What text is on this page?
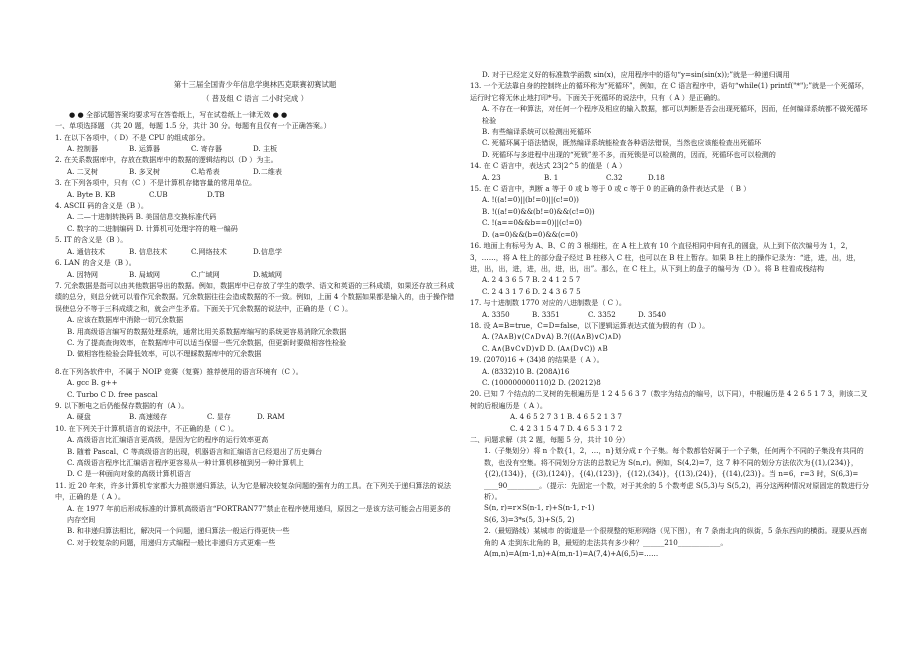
第十三届全国青少年信息学奥林匹克联赛初赛试题
（ 普及组 C 语言 二小时完成 ）
● ● 全部试题答案均要求写在答卷纸上，写在试卷纸上一律无效 ● ●
一、单项选择题 （共 20 题，每题 1.5 分，共计 30 分。每题有且仅有一个正确答案。）
1. 在以下各项中，（ D）不是 CPU 的组成部分。
A. 控制器	B. 运算器	C. 寄存器	D. 主板
2. 在关系数据库中，存放在数据库中的数据的逻辑结构以（D ）为主。
A. 二叉树	B. 多叉树	C.哈希表	D.二维表
3. 在下列各项中，只有（C ）不是计算机存储容量的常用单位。
A. Byte B. KB	C.UB	D.TB
4. ASCII 码的含义是（B ）。
A. 二—十进制转换码 B. 美国信息交换标准代码
C. 数字的二进制编码 D. 计算机可处理字符的唯一编码
5. IT 的含义是（B ）。
A. 通信技术	B. 信息技术	C.网络技术	D.信息学
6. LAN 的含义是（B ）。
A. 因特网	B. 局域网	C.广域网	D.城域网
7. 冗余数据是指可以由其他数据导出的数据。例如，数据库中已存放了学生的数学、语文和英语的三科成绩，如果还存放三科成绩的总分，则总分就可以看作冗余数据。冗余数据往往会造成数据的不一致。例如，上面 4 个数据如果都是输入的，由于操作错误使总分不等于三科成绩之和，就会产生矛盾。下面关于冗余数据的说法中，正确的是（ C ）。
A. 应该在数据库中消除一切冗余数据
B. 用高级语言编写的数据处理系统，通常比用关系数据库编写的系统更容易消除冗余数据
C. 为了提高查询效率，在数据库中可以适当保留一些冗余数据，但更新时要做相容性检验
D. 做相容性检验会降低效率，可以不理睬数据库中的冗余数据
8.在下列各软件中，不属于 NOIP 竞赛（复赛）推荐使用的语言环境有（C ）。
A. gcc B. g++
C. Turbo C D. free pascal
9. 以下断电之后仍能保存数据的有（A ）。
A. 硬盘	B. 高速缓存	C. 显存	D. RAM
10. 在下列关于计算机语言的说法中，不正确的是（ C ）。
A. 高级语言比汇编语言更高级，是因为它的程序的运行效率更高
B. 随着 Pascal、C 等高级语言的出现，机器语言和汇编语言已经退出了历史舞台
C. 高级语言程序比汇编语言程序更容易从一种计算机移植到另一种计算机上
D. C 是一种面向对象的高级计算机语言
11. 近 20 年来，许多计算机专家都大力推崇递归算法，认为它是解决较复杂问题的强有力的工具。在下列关于递归算法的说法中，正确的是（ A ）。
A. 在 1977 年前后形成标准的计算机高级语言“FORTRAN77”禁止在程序使用递归，原因之一是该方法可能会占用更多的内存空间
B. 和非递归算法相比，解决同一个问题，递归算法一般运行得更快一些
C. 对于较复杂的问题，用递归方式编程一般比非递归方式更难一些
D. 对于已经定义好的标准数学函数 sin(x)，应用程序中的语句“y=sin(sin(x));”就是一种递归调用
13. 一个无法靠自身的控制终止的循环称为“死循环”，例如，在 C 语言程序中，语句“while(1) printf("*");”就是一个死循环，运行时它将无休止地打印*号。下面关于死循环的说法中，只有（ A ）是正确的。
A. 不存在一种算法，对任何一个程序及相应的输入数据，都可以判断是否会出现死循环，因而，任何编译系统都不做死循环检验
B. 有些编译系统可以检测出死循环
C. 死循环属于语法错误，既然编译系统能检查各种语法错误，当然也应该能检查出死循环
D. 死循环与多进程中出现的“死锁”差不多，而死锁是可以检测的，因而，死循环也可以检测的
14. 在 C 语言中，表达式 23|2^5 的值是（ A ）
A. 23	B. 1	C.32	D.18
15. 在 C 语言中，判断 a 等于 0 或 b 等于 0 或 c 等于 0 的正确的条件表达式是 （ B ）
A. !((a!=0)||(b!=0)||(c!=0))
B. !((a!=0)&&(b!=0)&&(c!=0))
C. !(a==0&&b==0)||(c!=0)
D. (a=0)&&(b=0)&&(c=0)
16. 地面上有标号为 A、B、C 的 3 根细柱，在 A 柱上放有 10 个直径相同中间有孔的圆盘，从上到下依次编号为 1，2，3，……，将 A 柱上的部分盘子经过 B 柱移入 C 柱，也可以在 B 柱上暂存。如果 B 柱上的操作记录为：“进，进，出，进，进，出，出，进，进，出，进，出，出”。那么，在 C 柱上，从下到上的盘子的编号为（D ）。将 B 柱看成栈结构
A. 2 4 3 6 5 7 B. 2 4 1 2 5 7
C. 2 4 3 1 7 6 D. 2 4 3 6 7 5
17. 与十进制数 1770 对应的八进制数是（ C ）。
A. 3350	B. 3351	C. 3352	D. 3540
18. 设 A=B=true，C=D=false，以下逻辑运算表达式值为假的有（D ）。
A. (?A∧B)∨(C∧D∨A) B.?(((A∧B)∨C)∧D)
C. A∧(B∨C∨D)∨D D. (A∧(D∨C)) ∧B
19. (2070)16 + (34)8 的结果是（ A ）。
A. (8332)10 B. (208A)16
C. (100000000110)2 D. (20212)8
20. 已知 7 个结点的二叉树的先根遍历是 1 2 4 5 6 3 7（数字为结点的编号，以下同），中根遍历是 4 2 6 5 1 7 3，则该二叉树的后根遍历是（ A ）。
A. 4 6 5 2 7 3 1 B. 4 6 5 2 1 3 7
C. 4 2 3 1 5 4 7 D. 4 6 5 3 1 7 2
二、问题求解（共 2 题，每题 5 分，共计 10 分）
1.（子集划分）将 n 个数{1，2，…，n}划分成 r 个子集。每个数都恰好属于一个子集，任何两个不同的子集没有共同的数，也没有空集。将不同划分方法的总数记为 S(n,r)。例如，S(4,2)=7，这 7 种不同的划分方法依次为{(1),(234)}，{(2),(134)}，{(3),(124)}，{(4),(123)}，{(12),(34)}，{(13),(24)}，{(14),(23)}。当 n=6，r=3 时，S(6,3)= ____90_________。（提示：先固定一个数，对于其余的 5 个数考虑 S(5,3)与 S(5,2)，再分这两种情况对原固定的数进行分析）。
S(n, r)=r×S(n-1, r)+S(n-1, r-1)
S(6, 3)=3*s(5, 3)+S(5, 2)
2.（最短路线）某城市 的街道是一个很规整的矩形网络（见下图），有 7 条南北向的纵街，5 条东西向的横街。现要从西南角的 A 走到东北角的 B，最短的走法共有多少种？______210____________。
A(m,n)=A(m-1,n)+A(m,n-1)=A(7,4)+A(6,5)=……
